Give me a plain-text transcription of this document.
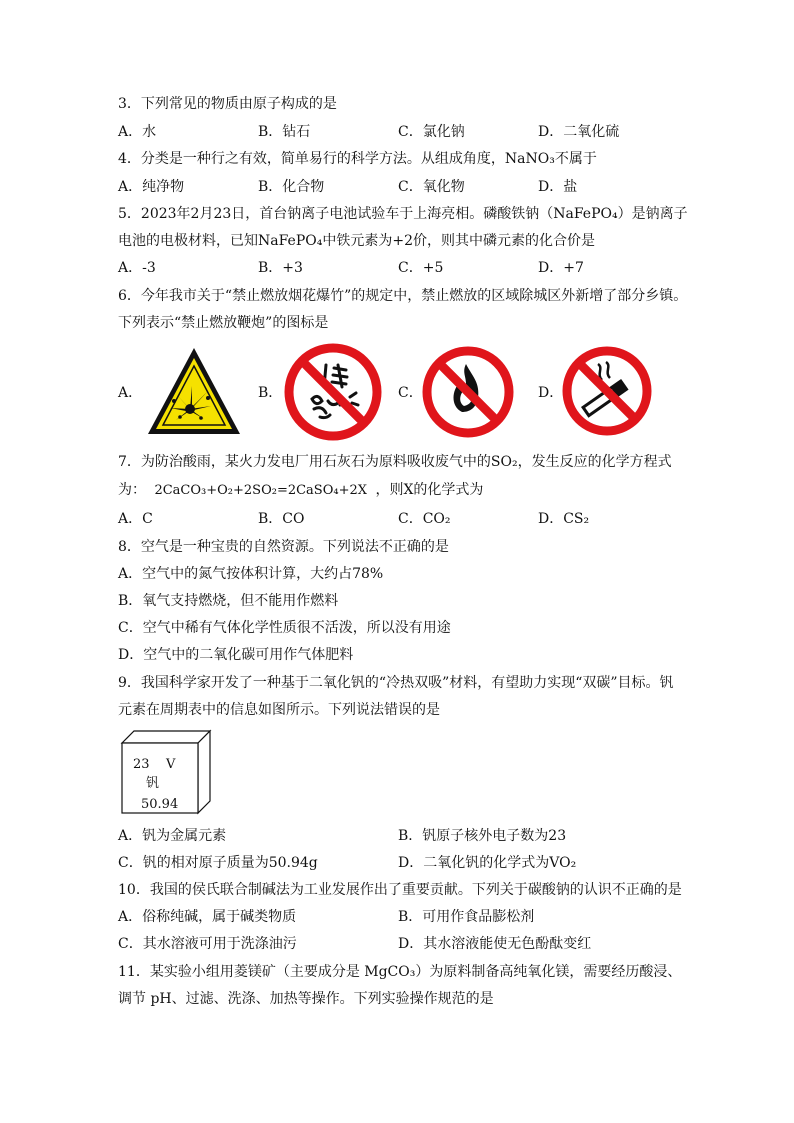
3．下列常见的物质由原子构成的是
A．水	B．钻石	C．氯化钠	D．二氧化硫
4．分类是一种行之有效，简单易行的科学方法。从组成角度，NaNO₃不属于
A．纯净物	B．化合物	C．氧化物	D．盐
5．2023年2月23日，首台钠离子电池试验车于上海亮相。磷酸铁钠（NaFePO₄）是钠离子
电池的电极材料，已知NaFePO₄中铁元素为+2价，则其中磷元素的化合价是
A．-3	B．+3	C．+5	D．+7
6．今年我市关于“禁止燃放烟花爆竹”的规定中，禁止燃放的区域除城区外新增了部分乡镇。
下列表示“禁止燃放鞭炮”的图标是
A．	B．	C．	D．
7．为防治酸雨，某火力发电厂用石灰石为原料吸收废气中的SO₂，发生反应的化学方程式
为： 2CaCO₃+O₂+2SO₂=2CaSO₄+2X ，则X的化学式为
A．C	B．CO	C．CO₂	D．CS₂
8．空气是一种宝贵的自然资源。下列说法不正确的是
A．空气中的氮气按体积计算，大约占78%
B．氧气支持燃烧，但不能用作燃料
C．空气中稀有气体化学性质很不活泼，所以没有用途
D．空气中的二氧化碳可用作气体肥料
9．我国科学家开发了一种基于二氧化钒的“冷热双吸”材料，有望助力实现“双碳”目标。钒
元素在周期表中的信息如图所示。下列说法错误的是
23 V
钒
50.94
A．钒为金属元素	B．钒原子核外电子数为23
C．钒的相对原子质量为50.94g	D．二氧化钒的化学式为VO₂
10．我国的侯氏联合制碱法为工业发展作出了重要贡献。下列关于碳酸钠的认识不正确的是
A．俗称纯碱，属于碱类物质	B．可用作食品膨松剂
C．其水溶液可用于洗涤油污	D．其水溶液能使无色酚酞变红
11．某实验小组用菱镁矿（主要成分是 MgCO₃）为原料制备高纯氧化镁，需要经历酸浸、
调节 pH、过滤、洗涤、加热等操作。下列实验操作规范的是
